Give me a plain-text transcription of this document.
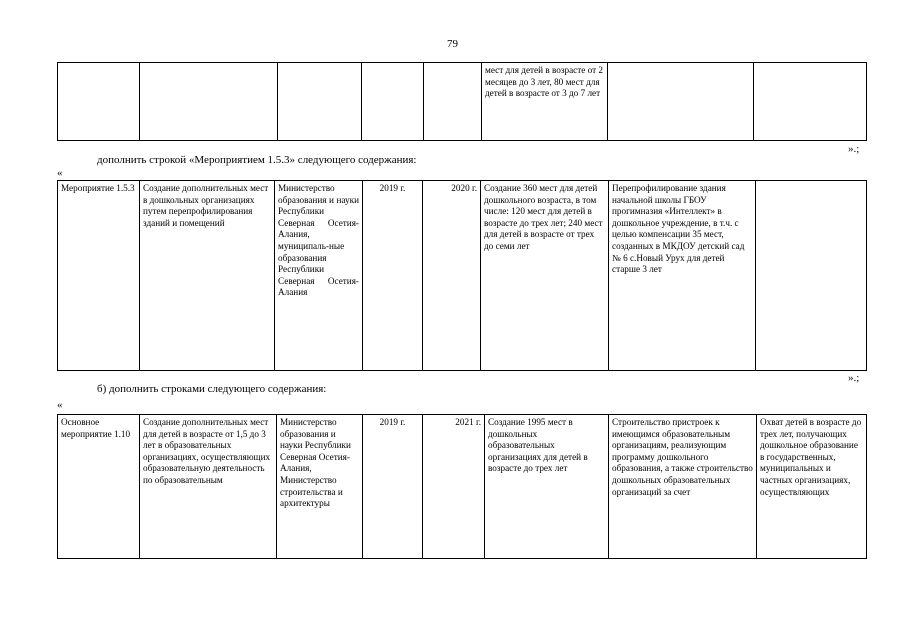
79
					мест для детей в возрасте от 2 месяцев до 3 лет, 80 мест для детей в возрасте от 3 до 7 лет		
».;
дополнить строкой «Мероприятием 1.5.3» следующего содержания:
«
Мероприятие 1.5.3	Создание дополнительных мест в дошкольных организациях путем перепрофилирования зданий и помещений	Министерство образования и науки Республики Северная Осетия-Алания, муниципаль-ные образования Республики Северная Осетия-Алания	2019 г.	2020 г.	Создание 360 мест для детей дошкольного возраста, в том числе: 120 мест для детей в возрасте до трех лет; 240 мест для детей в возрасте от трех до семи лет	Перепрофилирование здания начальной школы ГБОУ прогимназия «Интеллект» в дошкольное учреждение, в т.ч. с целью компенсации 35 мест, созданных в МКДОУ детский сад № 6 с.Новый Урух для детей старше 3 лет	
».;
б) дополнить строками следующего содержания:
«
Основное мероприятие 1.10	Создание дополнительных мест для детей в возрасте от 1,5 до 3 лет в образовательных организациях, осуществляющих образовательную деятельность по образовательным	Министерство образования и науки Республики Северная Осетия-Алания, Министерство строительства и архитектуры	2019 г.	2021 г.	Создание 1995 мест в дошкольных образовательных организациях для детей в возрасте до трех лет	Строительство пристроек к имеющимся образовательным организациям, реализующим программу дошкольного образования, а также строительство дошкольных образовательных организаций за счет	Охват детей в возрасте до трех лет, получающих дошкольное образование в государственных, муниципальных и частных организациях, осуществляющих
